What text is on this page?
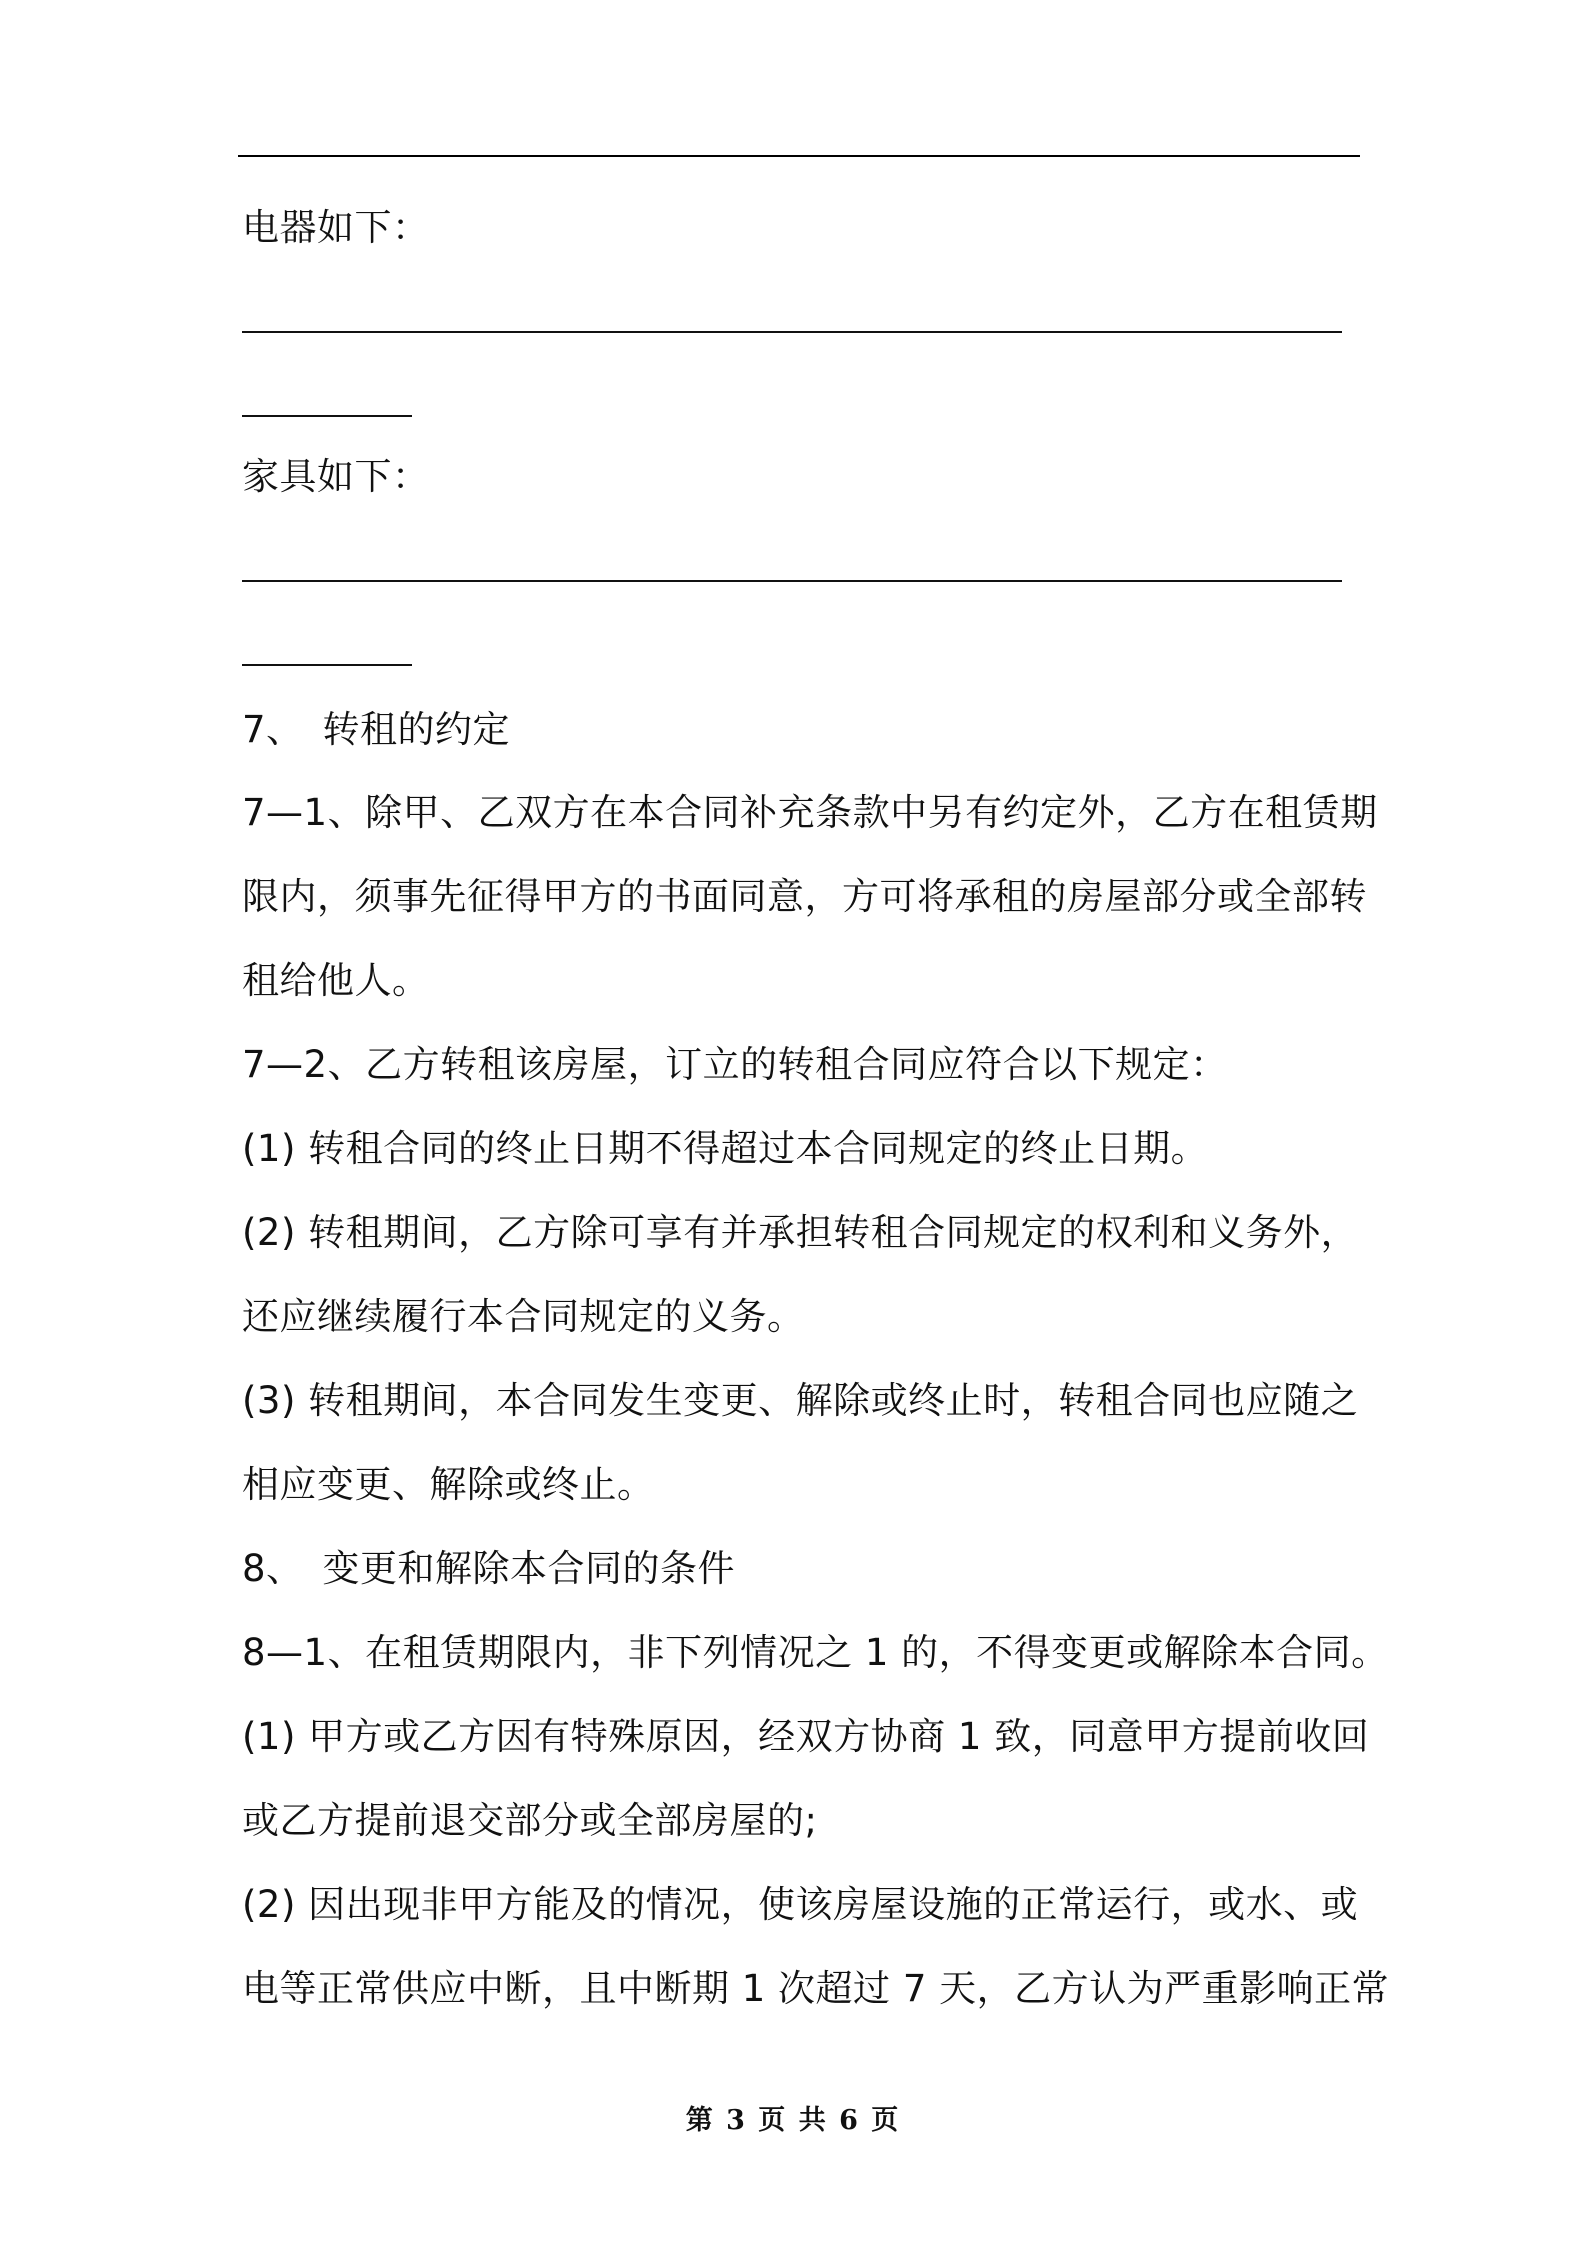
电器如下：

家具如下：

7、　转租的约定

7—1、除甲、乙双方在本合同补充条款中另有约定外，乙方在租赁期

限内，须事先征得甲方的书面同意，方可将承租的房屋部分或全部转

租给他人。

7—2、乙方转租该房屋，订立的转租合同应符合以下规定：

(1) 转租合同的终止日期不得超过本合同规定的终止日期。

(2) 转租期间，乙方除可享有并承担转租合同规定的权利和义务外，

还应继续履行本合同规定的义务。

(3) 转租期间，本合同发生变更、解除或终止时，转租合同也应随之

相应变更、解除或终止。

8、　变更和解除本合同的条件

8—1、在租赁期限内，非下列情况之 1 的，不得变更或解除本合同。

(1) 甲方或乙方因有特殊原因，经双方协商 1 致，同意甲方提前收回

或乙方提前退交部分或全部房屋的;

(2) 因出现非甲方能及的情况，使该房屋设施的正常运行，或水、或

电等正常供应中断，且中断期 1 次超过 7 天，乙方认为严重影响正常

第 3 页 共 6 页
